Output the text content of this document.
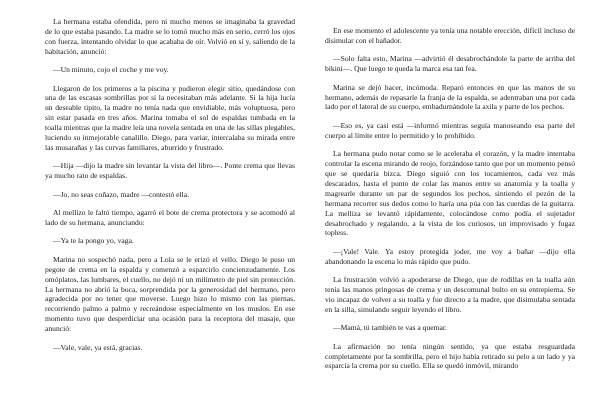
La hermana estaba ofendida, pero ni mucho menos se imaginaba la gravedad de lo que estaba pasando. La madre se lo tomó mucho más en serio, cerró los ojos con fuerza, intentando olvidar lo que acababa de oír. Volvió en sí y, saliendo de la habitación, anunció:

—Un minuto, cojo el coche y me voy.

Llegaron de los primeros a la piscina y pudieron elegir sitio, quedándose con una de las escasas sombrillas por si la necesitaban más adelante. Si la hija lucía un deseable tipito, la madre no tenía nada que envidiable, más voluptuosa, pero sin estar pasada en tres años. Marina tomaba el sol de espaldas tumbada en la toalla mientras que la madre leía una novela sentada en una de las sillas plegables, luciendo su inmejorable canalillo. Diego, para variar, intercalaba su mirada entre las musarañas y las curvas familiares, aburrido y frustrado.

—Hija —dijo la madre sin levantar la vista del libro—. Ponte crema que llevas ya mucho rato de espaldas.

—Jo, no seas coñazo, madre —contestó ella.

Al mellizo le faltó tiempo, agarró el bote de crema protectora y se acomodó al lado de su hermana, anunciando:

—Ya te la pongo yo, vaga.

Marina no sospechó nada, pero a Lola se le erizó el vello. Diego le puso un pegote de crema en la espalda y comenzó a esparcirlo concienzudamente. Los omóplatos, las lumbares, el cuello, no dejó ni un milímetro de piel sin protección. La hermana no abrió la boca, sorprendida por la generosidad del hermano, pero agradecida por no tener que moverse. Luego hizo lo mismo con las piernas, recorriendo palmo a palmo y recreándose especialmente en los muslos. En ese momento tuvo que desperdiciar una ocasión para la receptora del masaje, que anunció:

—Vale, vale, ya está, gracias.

En ese momento el adolescente ya tenía una notable erección, difícil incluso de disimular con el bañador.

—Solo falta esto, Marina —advirtió él desabrochándole la parte de arriba del bikini—. Que luego te queda la marca esa tan fea.

Marina se dejó hacer, incómoda. Reparó entonces en que las manos de su hermano, además de repasarle la franja de la espalda, se adentraban una por cada lado por el lateral de su cuerpo, embadurnándole la axila y parte de los pechos.

—Eso es, ya casi está —informó mientras seguía manoseando esa parte del cuerpo al límite entre lo permitido y lo prohibido.

La hermana pudo notar como se le aceleraba el corazón, y la madre intentaba controlar la escena mirando de reojo, forzándose tanto que por un momento pensó que se quedaría bizca. Diego siguió con los tocamientos, cada vez más descarados, hasta el punto de colar las manos entre su anatomía y la toalla y magrearle durante un par de segundos los pechos, sintiendo el pezón de la hermana recorrer sus dedos como lo haría una púa con las cuerdas de la guitarra. La melliza se levantó rápidamente, colocándose como podía el sujetador desabrochado y regalando, a la vista de los curiosos, un improvisado y fugaz topless.

—¡Vale! Vale. Ya estoy protegida joder, me voy a bañar —dijo ella abandonando la escena lo más rápido que pudo.

La frustración volvió a apoderarse de Diego, que de rodillas en la toalla aún tenía las manos pringosas de crema y un descomunal bulto en su entrepierna. Se vio incapaz de volver a su toalla y fue directo a la madre, que disimulaba sentada en la silla, simulando seguir leyendo el libro.

—Mamá, tú también te vas a quemar.

La afirmación no tenía ningún sentido, ya que estaba resguardada completamente por la sombrilla, pero el hijo había retirado su pelo a un lado y ya esparcía la crema por su cuello. Ella se quedó inmóvil, mirando
